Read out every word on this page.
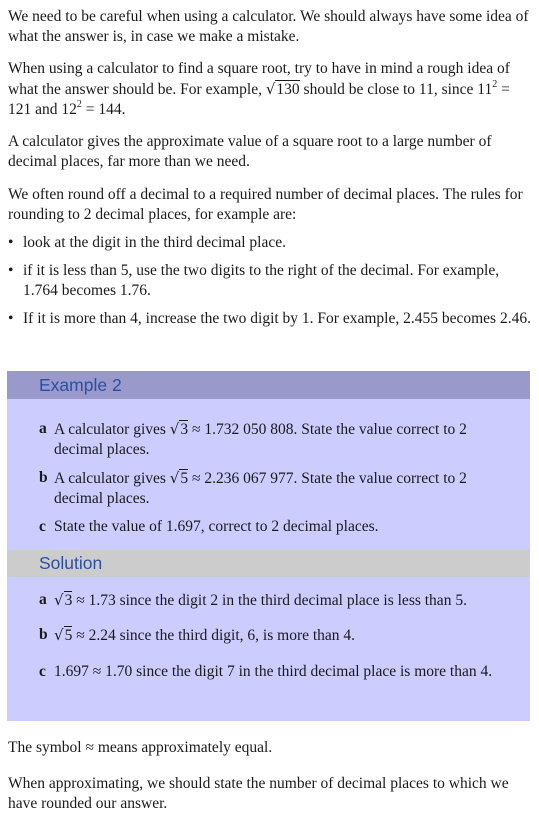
We need to be careful when using a calculator. We should always have some idea of what the answer is, in case we make a mistake.

When using a calculator to find a square root, try to have in mind a rough idea of what the answer should be. For example, √130 should be close to 11, since $11^2 = 121$ and $12^2 = 144$.

A calculator gives the approximate value of a square root to a large number of decimal places, far more than we need.

We often round off a decimal to a required number of decimal places. The rules for rounding to 2 decimal places, for example are:

• look at the digit in the third decimal place.
• if it is less than 5, use the two digits to the right of the decimal. For example, 1.764 becomes 1.76.
• If it is more than 4, increase the two digit by 1. For example, 2.455 becomes 2.46.
Example 2
a A calculator gives √3 ≈ 1.732 050 808. State the value correct to 2 decimal places.
b A calculator gives √5 ≈ 2.236 067 977. State the value correct to 2 decimal places.
c State the value of 1.697, correct to 2 decimal places.
Solution
a √3 ≈ 1.73 since the digit 2 in the third decimal place is less than 5.
b √5 ≈ 2.24 since the third digit, 6, is more than 4.
c 1.697 ≈ 1.70 since the digit 7 in the third decimal place is more than 4.

The symbol ≈ means approximately equal.

When approximating, we should state the number of decimal places to which we have rounded our answer.
